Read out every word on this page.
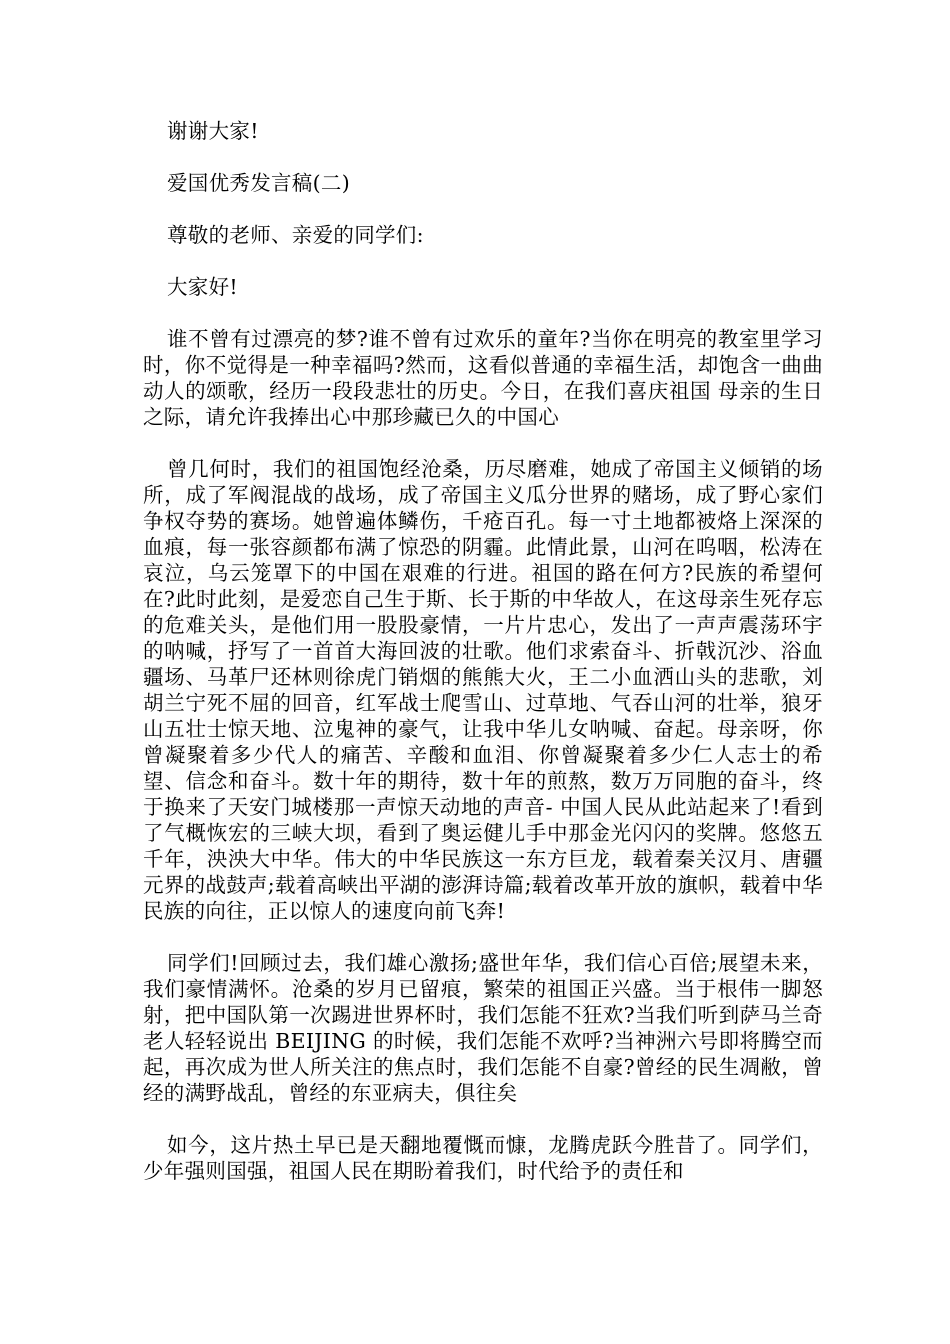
谢谢大家!
爱国优秀发言稿(二)
尊敬的老师、亲爱的同学们:
大家好!
谁不曾有过漂亮的梦?谁不曾有过欢乐的童年?当你在明亮的教室里学习时，你不觉得是一种幸福吗?然而，这看似普通的幸福生活，却饱含一曲曲动人的颂歌，经历一段段悲壮的历史。今日，在我们喜庆祖国 母亲的生日之际，请允许我捧出心中那珍藏已久的中国心
曾几何时，我们的祖国饱经沧桑，历尽磨难，她成了帝国主义倾销的场所，成了军阀混战的战场，成了帝国主义瓜分世界的赌场，成了野心家们争权夺势的赛场。她曾遍体鳞伤，千疮百孔。每一寸土地都被烙上深深的血痕，每一张容颜都布满了惊恐的阴霾。此情此景，山河在呜咽，松涛在哀泣，乌云笼罩下的中国在艰难的行进。祖国的路在何方?民族的希望何在?此时此刻，是爱恋自己生于斯、长于斯的中华故人，在这母亲生死存忘的危难关头，是他们用一股股豪情，一片片忠心，发出了一声声震荡环宇的呐喊，抒写了一首首大海回波的壮歌。他们求索奋斗、折戟沉沙、浴血疆场、马革尸还林则徐虎门销烟的熊熊大火，王二小血洒山头的悲歌，刘胡兰宁死不屈的回音，红军战士爬雪山、过草地、气吞山河的壮举，狼牙山五壮士惊天地、泣鬼神的豪气，让我中华儿女呐喊、奋起。母亲呀，你曾凝聚着多少代人的痛苦、辛酸和血泪、你曾凝聚着多少仁人志士的希望、信念和奋斗。数十年的期待，数十年的煎熬，数万万同胞的奋斗，终于换来了天安门城楼那一声惊天动地的声音- 中国人民从此站起来了!看到了气概恢宏的三峡大坝，看到了奥运健儿手中那金光闪闪的奖牌。悠悠五千年，泱泱大中华。伟大的中华民族这一东方巨龙，载着秦关汉月、唐疆元界的战鼓声;载着高峡出平湖的澎湃诗篇;载着改革开放的旗帜，载着中华民族的向往，正以惊人的速度向前飞奔!
同学们!回顾过去，我们雄心激扬;盛世年华，我们信心百倍;展望未来，我们豪情满怀。沧桑的岁月已留痕，繁荣的祖国正兴盛。当于根伟一脚怒射，把中国队第一次踢进世界杯时，我们怎能不狂欢?当我们听到萨马兰奇老人轻轻说出 BEIJING 的时候，我们怎能不欢呼?当神洲六号即将腾空而起，再次成为世人所关注的焦点时，我们怎能不自豪?曾经的民生凋敝，曾经的满野战乱，曾经的东亚病夫，俱往矣
如今，这片热土早已是天翻地覆慨而慷，龙腾虎跃今胜昔了。同学们，少年强则国强，祖国人民在期盼着我们，时代给予的责任和
